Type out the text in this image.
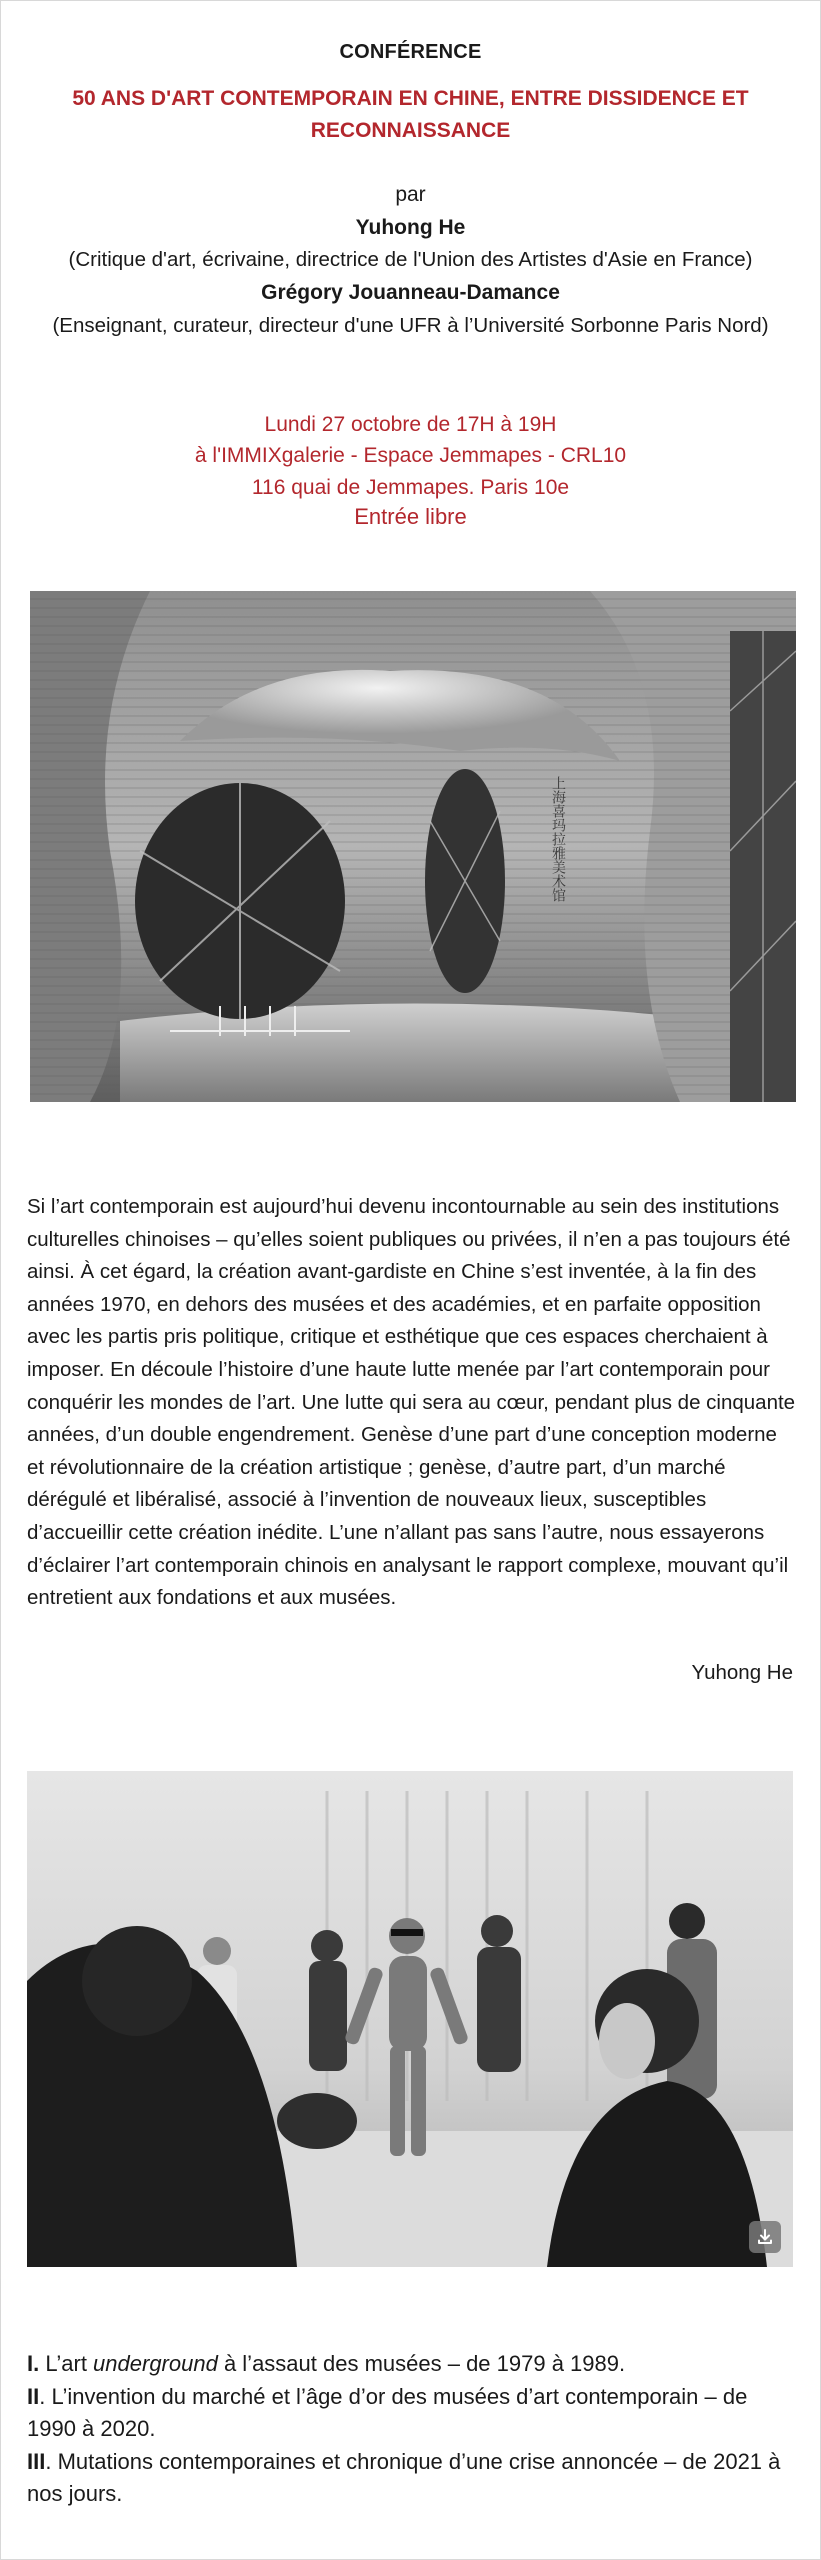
CONFÉRENCE
50 ANS D'ART CONTEMPORAIN EN CHINE, ENTRE DISSIDENCE ET RECONNAISSANCE
par
Yuhong He
(Critique d'art, écrivaine, directrice de l'Union des Artistes d'Asie en France)
Grégory Jouanneau-Damance
(Enseignant, curateur, directeur d'une UFR à l’Université Sorbonne Paris Nord)
Lundi 27 octobre de 17H à 19H
à l'IMMIXgalerie - Espace Jemmapes - CRL10
116 quai de Jemmapes. Paris 10e
Entrée libre
上海喜玛拉雅美术馆
Si l’art contemporain est aujourd’hui devenu incontournable au sein des institutions culturelles chinoises – qu’elles soient publiques ou privées, il n’en a pas toujours été ainsi. À cet égard, la création avant-gardiste en Chine s’est inventée, à la fin des années 1970, en dehors des musées et des académies, et en parfaite opposition avec les partis pris politique, critique et esthétique que ces espaces cherchaient à imposer. En découle l’histoire d’une haute lutte menée par l’art contemporain pour conquérir les mondes de l’art. Une lutte qui sera au cœur, pendant plus de cinquante années, d’un double engendrement. Genèse d’une part d’une conception moderne et révolutionnaire de la création artistique ; genèse, d’autre part, d’un marché dérégulé et libéralisé, associé à l’invention de nouveaux lieux, susceptibles d’accueillir cette création inédite. L’une n’allant pas sans l’autre, nous essayerons d’éclairer l’art contemporain chinois en analysant le rapport complexe, mouvant qu’il entretient aux fondations et aux musées.
Yuhong He

I. L’art underground à l’assaut des musées – de 1979 à 1989.

II. L’invention du marché et l’âge d’or des musées d’art contemporain – de 1990 à 2020.

III. Mutations contemporaines et chronique d’une crise annoncée – de 2021 à nos jours.
